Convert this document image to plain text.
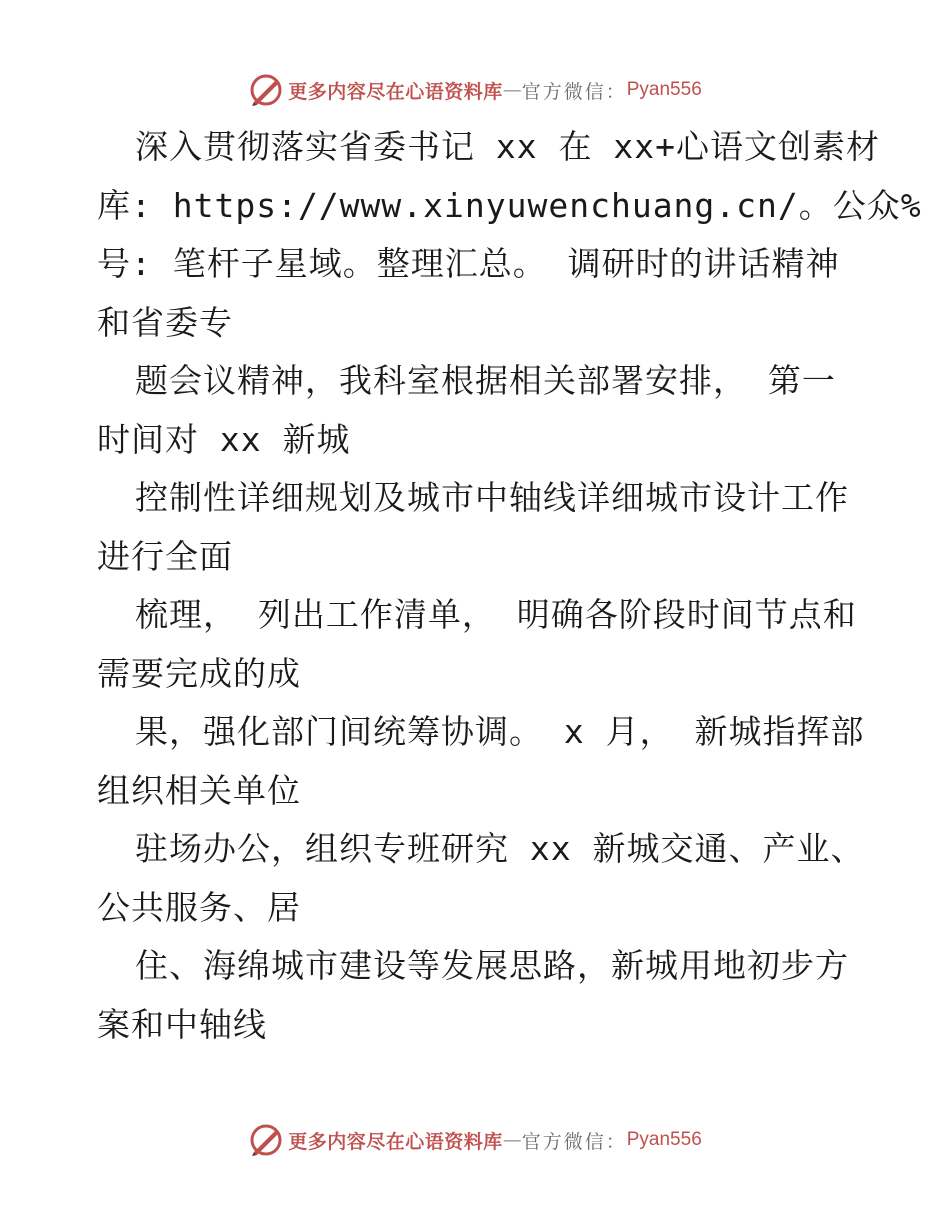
更多内容尽在心语资料库 — 官方微信： Pyan556
深入贯彻落实省委书记 xx 在 xx+心语文创素材
库: https://www.xinyuwenchuang.cn/。公众%
号: 笔杆子星域。整理汇总。 调研时的讲话精神
和省委专
题会议精神，我科室根据相关部署安排， 第一
时间对 xx 新城
控制性详细规划及城市中轴线详细城市设计工作
进行全面
梳理， 列出工作清单， 明确各阶段时间节点和
需要完成的成
果，强化部门间统筹协调。 x 月， 新城指挥部
组织相关单位
驻场办公，组织专班研究 xx 新城交通、产业、
公共服务、居
住、海绵城市建设等发展思路，新城用地初步方
案和中轴线
更多内容尽在心语资料库 — 官方微信： Pyan556
